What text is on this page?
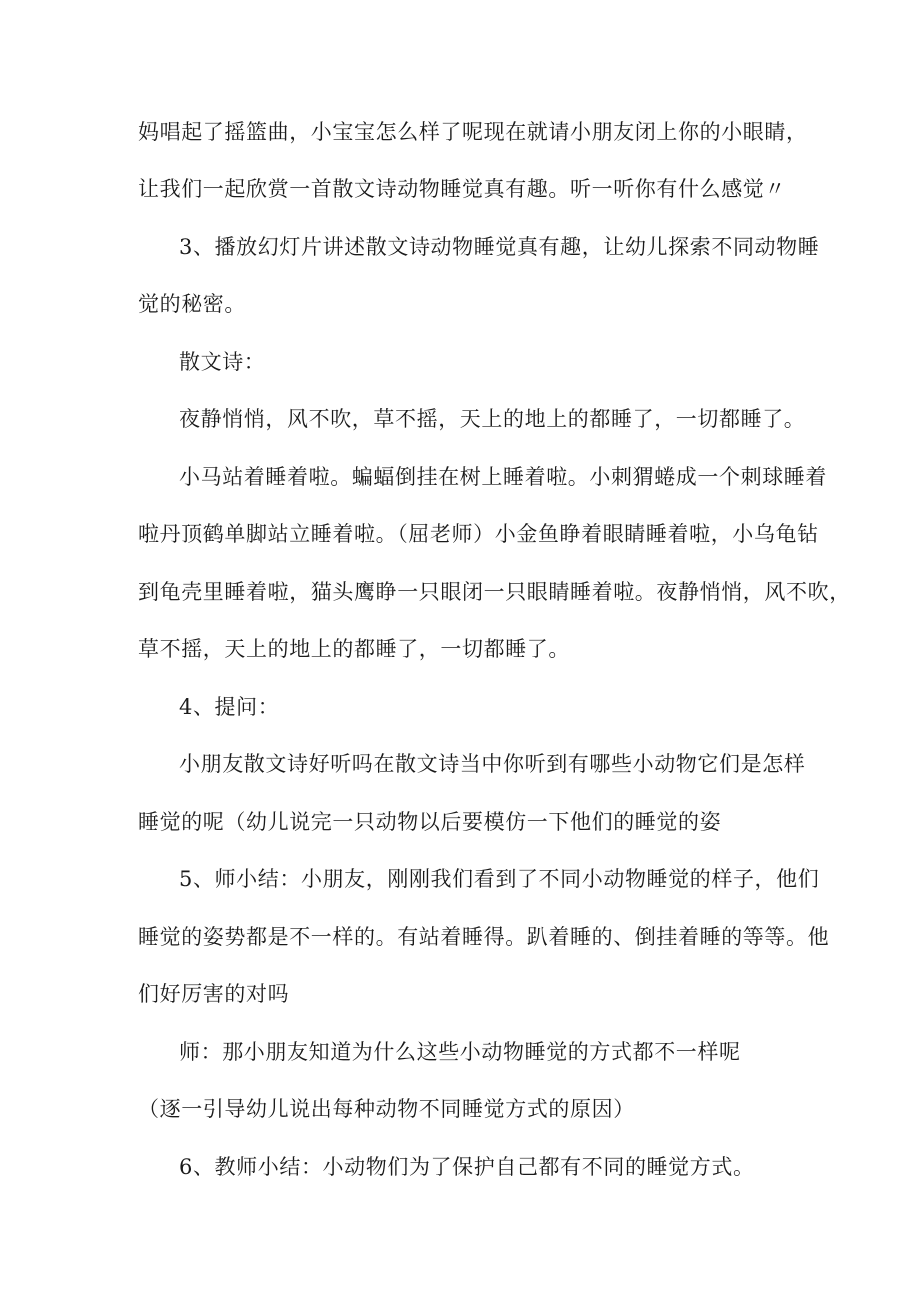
妈唱起了摇篮曲，小宝宝怎么样了呢现在就请小朋友闭上你的小眼睛，
让我们一起欣赏一首散文诗动物睡觉真有趣。听一听你有什么感觉〃
3、播放幻灯片讲述散文诗动物睡觉真有趣，让幼儿探索不同动物睡
觉的秘密。
散文诗：
夜静悄悄，风不吹，草不摇，天上的地上的都睡了，一切都睡了。
小马站着睡着啦。蝙蝠倒挂在树上睡着啦。小刺猬蜷成一个刺球睡着
啦丹顶鹤单脚站立睡着啦。（屈老师）小金鱼睁着眼睛睡着啦，小乌龟钻
到龟壳里睡着啦，猫头鹰睁一只眼闭一只眼睛睡着啦。夜静悄悄，风不吹，
草不摇，天上的地上的都睡了，一切都睡了。
4、提问：
小朋友散文诗好听吗在散文诗当中你听到有哪些小动物它们是怎样
睡觉的呢（幼儿说完一只动物以后要模仿一下他们的睡觉的姿
5、师小结：小朋友，刚刚我们看到了不同小动物睡觉的样子，他们
睡觉的姿势都是不一样的。有站着睡得。趴着睡的、倒挂着睡的等等。他
们好厉害的对吗
师：那小朋友知道为什么这些小动物睡觉的方式都不一样呢
（逐一引导幼儿说出每种动物不同睡觉方式的原因）
6、教师小结：小动物们为了保护自己都有不同的睡觉方式。
